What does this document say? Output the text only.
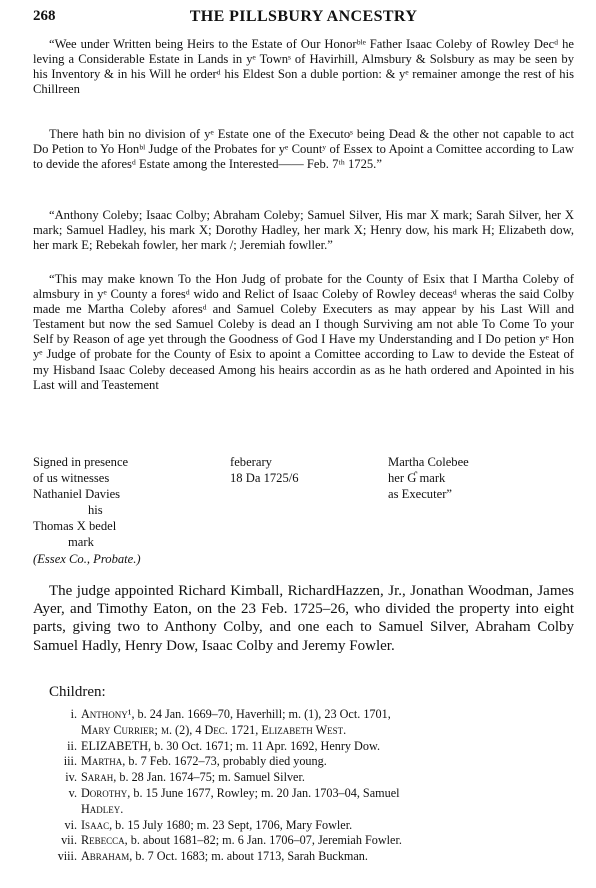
268	THE PILLSBURY ANCESTRY

“Wee under Written being Heirs to the Estate of Our Honorᵇˡᵉ Father Isaac Coleby of Rowley Decᵈ he leving a Considerable Estate in Lands in yᵉ Townˢ of Havirhill, Almsbury & Solsbury as may be seen by his Inventory & in his Will he orderᵈ his Eldest Son a duble portion: & yᵉ remainer amonge the rest of his Chillreen

There hath bin no division of yᵉ Estate one of the Executoˢ being Dead & the other not capable to act Do Petion to Yo Honᵇˡ Judge of the Probates for yᵉ Countʸ of Essex to Apoint a Comittee according to Law to devide the aforesᵈ Estate among the Interested—— Feb. 7ᵗʰ 1725.”

“Anthony Coleby; Isaac Colby; Abraham Coleby; Samuel Silver, His mar X mark; Sarah Silver, her X mark; Samuel Hadley, his mark X; Dorothy Hadley, her mark X; Henry dow, his mark H; Elizabeth dow, her mark E; Rebekah fowler, her mark /; Jeremiah fowller.”

“This may make known To the Hon Judg of probate for the County of Esix that I Martha Coleby of almsbury in yᵉ County a foresᵈ wido and Relict of Isaac Coleby of Rowley deceasᵈ wheras the said Colby made me Martha Coleby aforesᵈ and Samuel Coleby Executers as may appear by his Last Will and Testament but now the sed Samuel Coleby is dead an I though Surviving am not able To Come To your Self by Reason of age yet through the Goodness of God I Have my Understanding and I Do petion yᵉ Hon yᵉ Judge of probate for the County of Esix to apoint a Comittee according to Law to devide the Esteat of my Hisband Isaac Coleby deceased Among his heairs accordin as as he hath ordered and Apointed in his Last will and Teastement

Signed in presence
of us witnesses
Nathaniel Davies
his
Thomas X bedel
mark
(Essex Co., Probate.)
feberary
18 Da 1725/6
Martha Colebee
her Ɠ mark
as Executer”

The judge appointed Richard Kimball, RichardHazzen, Jr., Jonathan Woodman, James Ayer, and Timothy Eaton, on the 23 Feb. 1725–26, who divided the property into eight parts, giving two to Anthony Colby, and one each to Samuel Silver, Abraham Colby Samuel Hadly, Henry Dow, Isaac Colby and Jeremy Fowler.

Children:
i. Anthony¹, b. 24 Jan. 1669–70, Haverhill; m. (1), 23 Oct. 1701,
Mary Currier; m. (2), 4 Dec. 1721, Elizabeth West.
ii. ELIZABETH, b. 30 Oct. 1671; m. 11 Apr. 1692, Henry Dow.
iii. Martha, b. 7 Feb. 1672–73, probably died young.
iv. Sarah, b. 28 Jan. 1674–75; m. Samuel Silver.
v. Dorothy, b. 15 June 1677, Rowley; m. 20 Jan. 1703–04, Samuel
Hadley.
vi. Isaac, b. 15 July 1680; m. 23 Sept, 1706, Mary Fowler.
vii. Rebecca, b. about 1681–82; m. 6 Jan. 1706–07, Jeremiah Fowler.
viii. Abraham, b. 7 Oct. 1683; m. about 1713, Sarah Buckman.
